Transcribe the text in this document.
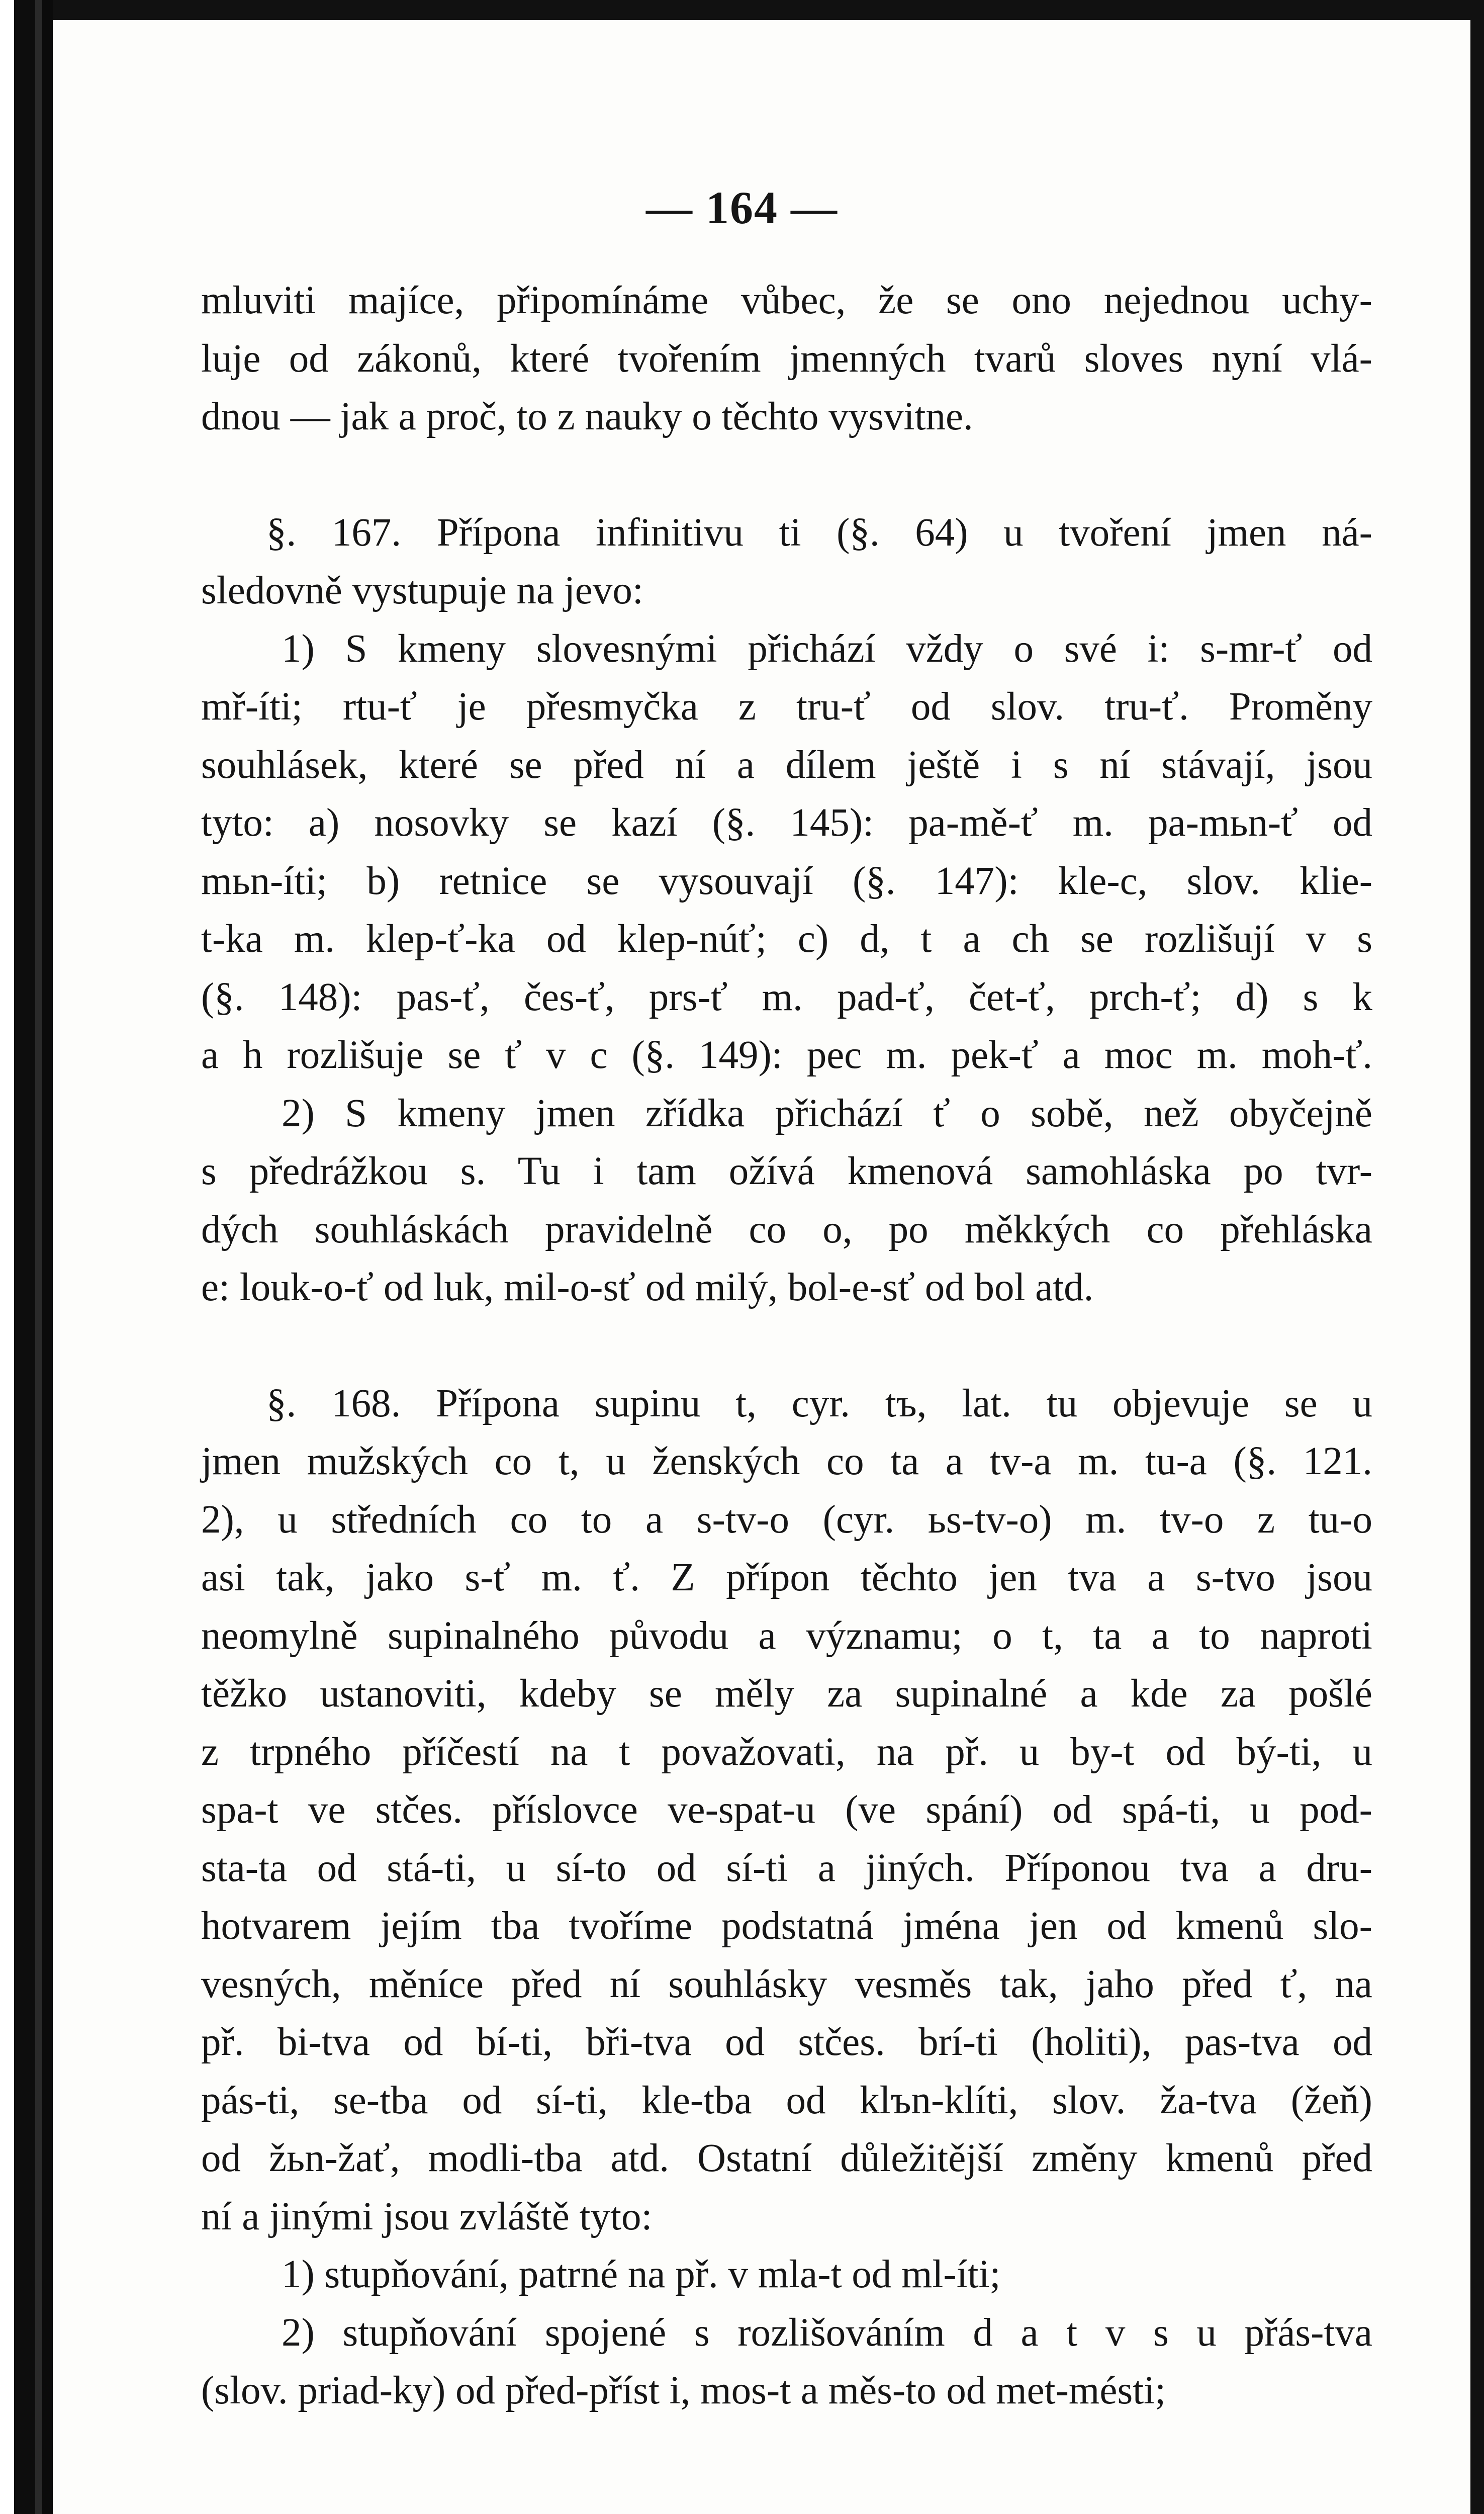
— 164 —
mluviti majíce, připomínáme vůbec, že se ono nejednou uchy-
luje od zákonů, které tvořením jmenných tvarů sloves nyní vlá-
dnou — jak a proč, to z nauky o těchto vysvitne.
§. 167. Přípona infinitivu ti (§. 64) u tvoření jmen ná-
sledovně vystupuje na jevo:
1) S kmeny slovesnými přichází vždy o své i: s-mr-ť od
mř-íti; rtu-ť je přesmyčka z tru-ť od slov. tru-ť. Proměny
souhlásek, které se před ní a dílem ještě i s ní stávají, jsou
tyto: a) nosovky se kazí (§. 145): pa-mě-ť m. pa-mьn-ť od
mьn-íti; b) retnice se vysouvají (§. 147): kle-c, slov. klie-
t-ka m. klep-ť-ka od klep-núť; c) d, t a ch se rozlišují v s
(§. 148): pas-ť, čes-ť, prs-ť m. pad-ť, čet-ť, prch-ť; d) s k
a h rozlišuje se ť v c (§. 149): pec m. pek-ť a moc m. moh-ť.
2) S kmeny jmen zřídka přichází ť o sobě, než obyčejně
s předrážkou s. Tu i tam ožívá kmenová samohláska po tvr-
dých souhláskách pravidelně co o, po měkkých co přehláska
e: louk-o-ť od luk, mil-o-sť od milý, bol-e-sť od bol atd.
§. 168. Přípona supinu t, cyr. tъ, lat. tu objevuje se u
jmen mužských co t, u ženských co ta a tv-a m. tu-a (§. 121.
2), u středních co to a s-tv-o (cyr. ьs-tv-o) m. tv-o z tu-o
asi tak, jako s-ť m. ť. Z přípon těchto jen tva a s-tvo jsou
neomylně supinalného původu a významu; o t, ta a to naproti
těžko ustanoviti, kdeby se měly za supinalné a kde za pošlé
z trpného příčestí na t považovati, na př. u by-t od bý-ti, u
spa-t ve stčes. příslovce ve-spat-u (ve spání) od spá-ti, u pod-
sta-ta od stá-ti, u sí-to od sí-ti a jiných. Příponou tva a dru-
hotvarem jejím tba tvoříme podstatná jména jen od kmenů slo-
vesných, měníce před ní souhlásky vesměs tak, jaho před ť, na
př. bi-tva od bí-ti, bři-tva od stčes. brí-ti (holiti), pas-tva od
pás-ti, se-tba od sí-ti, kle-tba od klъn-klíti, slov. ža-tva (žeň)
od žьn-žať, modli-tba atd. Ostatní důležitější změny kmenů před
ní a jinými jsou zvláště tyto:
1) stupňování, patrné na př. v mla-t od ml-íti;
2) stupňování spojené s rozlišováním d a t v s u přás-tva
(slov. priad-ky) od před-příst i, mos-t a měs-to od met-mésti;
